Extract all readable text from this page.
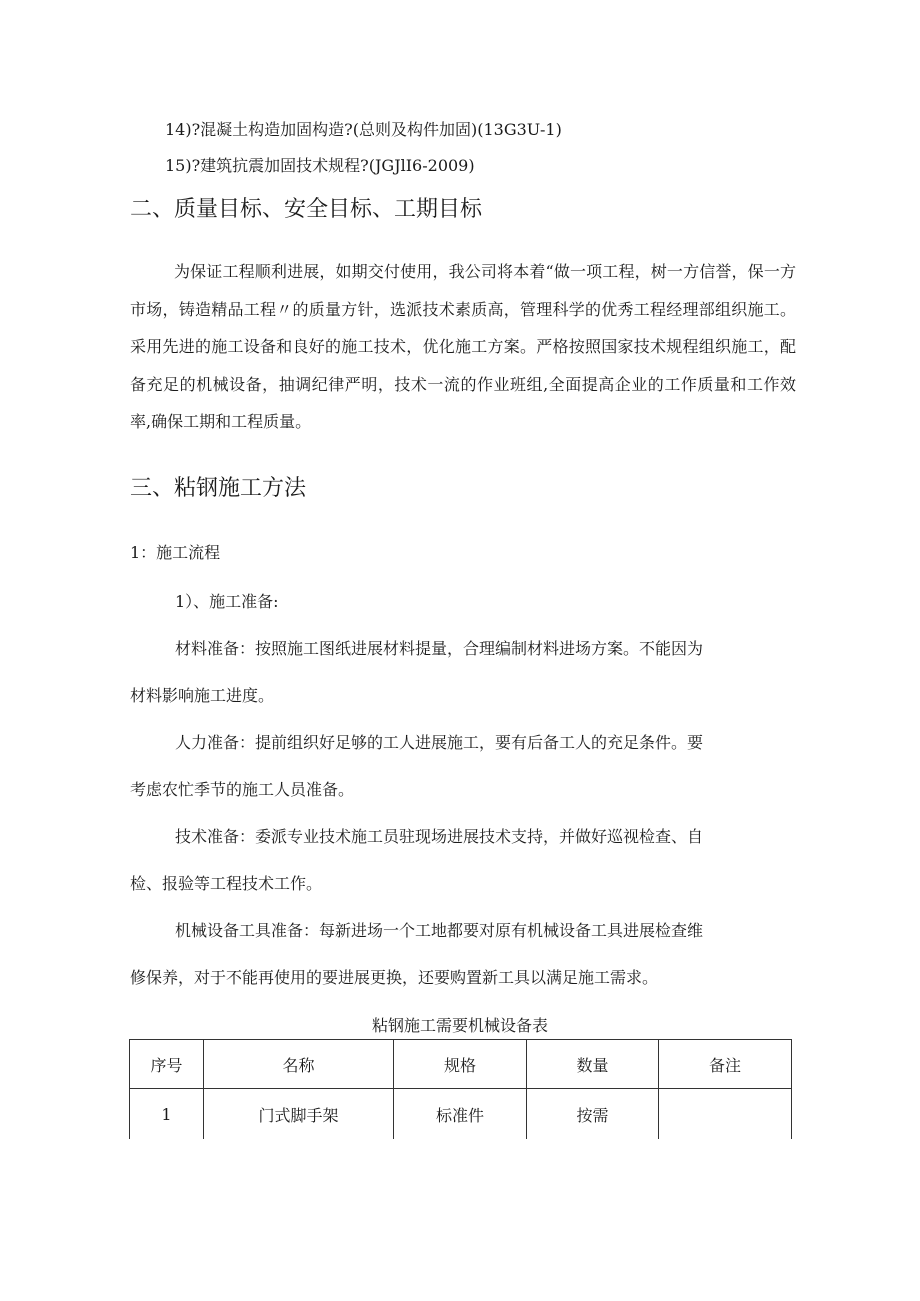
14)?混凝土构造加固构造?(总则及构件加固)(13G3U-1)
15)?建筑抗震加固技术规程?(JGJlI6-2009)
二、质量目标、安全目标、工期目标

为保证工程顺利进展，如期交付使用，我公司将本着“做一项工程，树一方信誉，保一方市场，铸造精品工程〃的质量方针，选派技术素质高，管理科学的优秀工程经理部组织施工。采用先进的施工设备和良好的施工技术，优化施工方案。严格按照国家技术规程组织施工，配备充足的机械设备，抽调纪律严明，技术一流的作业班组,全面提高企业的工作质量和工作效率,确保工期和工程质量。

三、粘钢施工方法
1：施工流程
1）、施工准备:
材料准备：按照施工图纸进展材料提量，合理编制材料进场方案。不能因为
材料影响施工进度。
人力准备：提前组织好足够的工人进展施工，要有后备工人的充足条件。要
考虑农忙季节的施工人员准备。
技术准备：委派专业技术施工员驻现场进展技术支持，并做好巡视检查、自
检、报验等工程技术工作。
机械设备工具准备：每新进场一个工地都要对原有机械设备工具进展检查维
修保养，对于不能再使用的要进展更换，还要购置新工具以满足施工需求。
粘钢施工需要机械设备表
序号	名称	规格	数量	备注
1	门式脚手架	标准件	按需	
